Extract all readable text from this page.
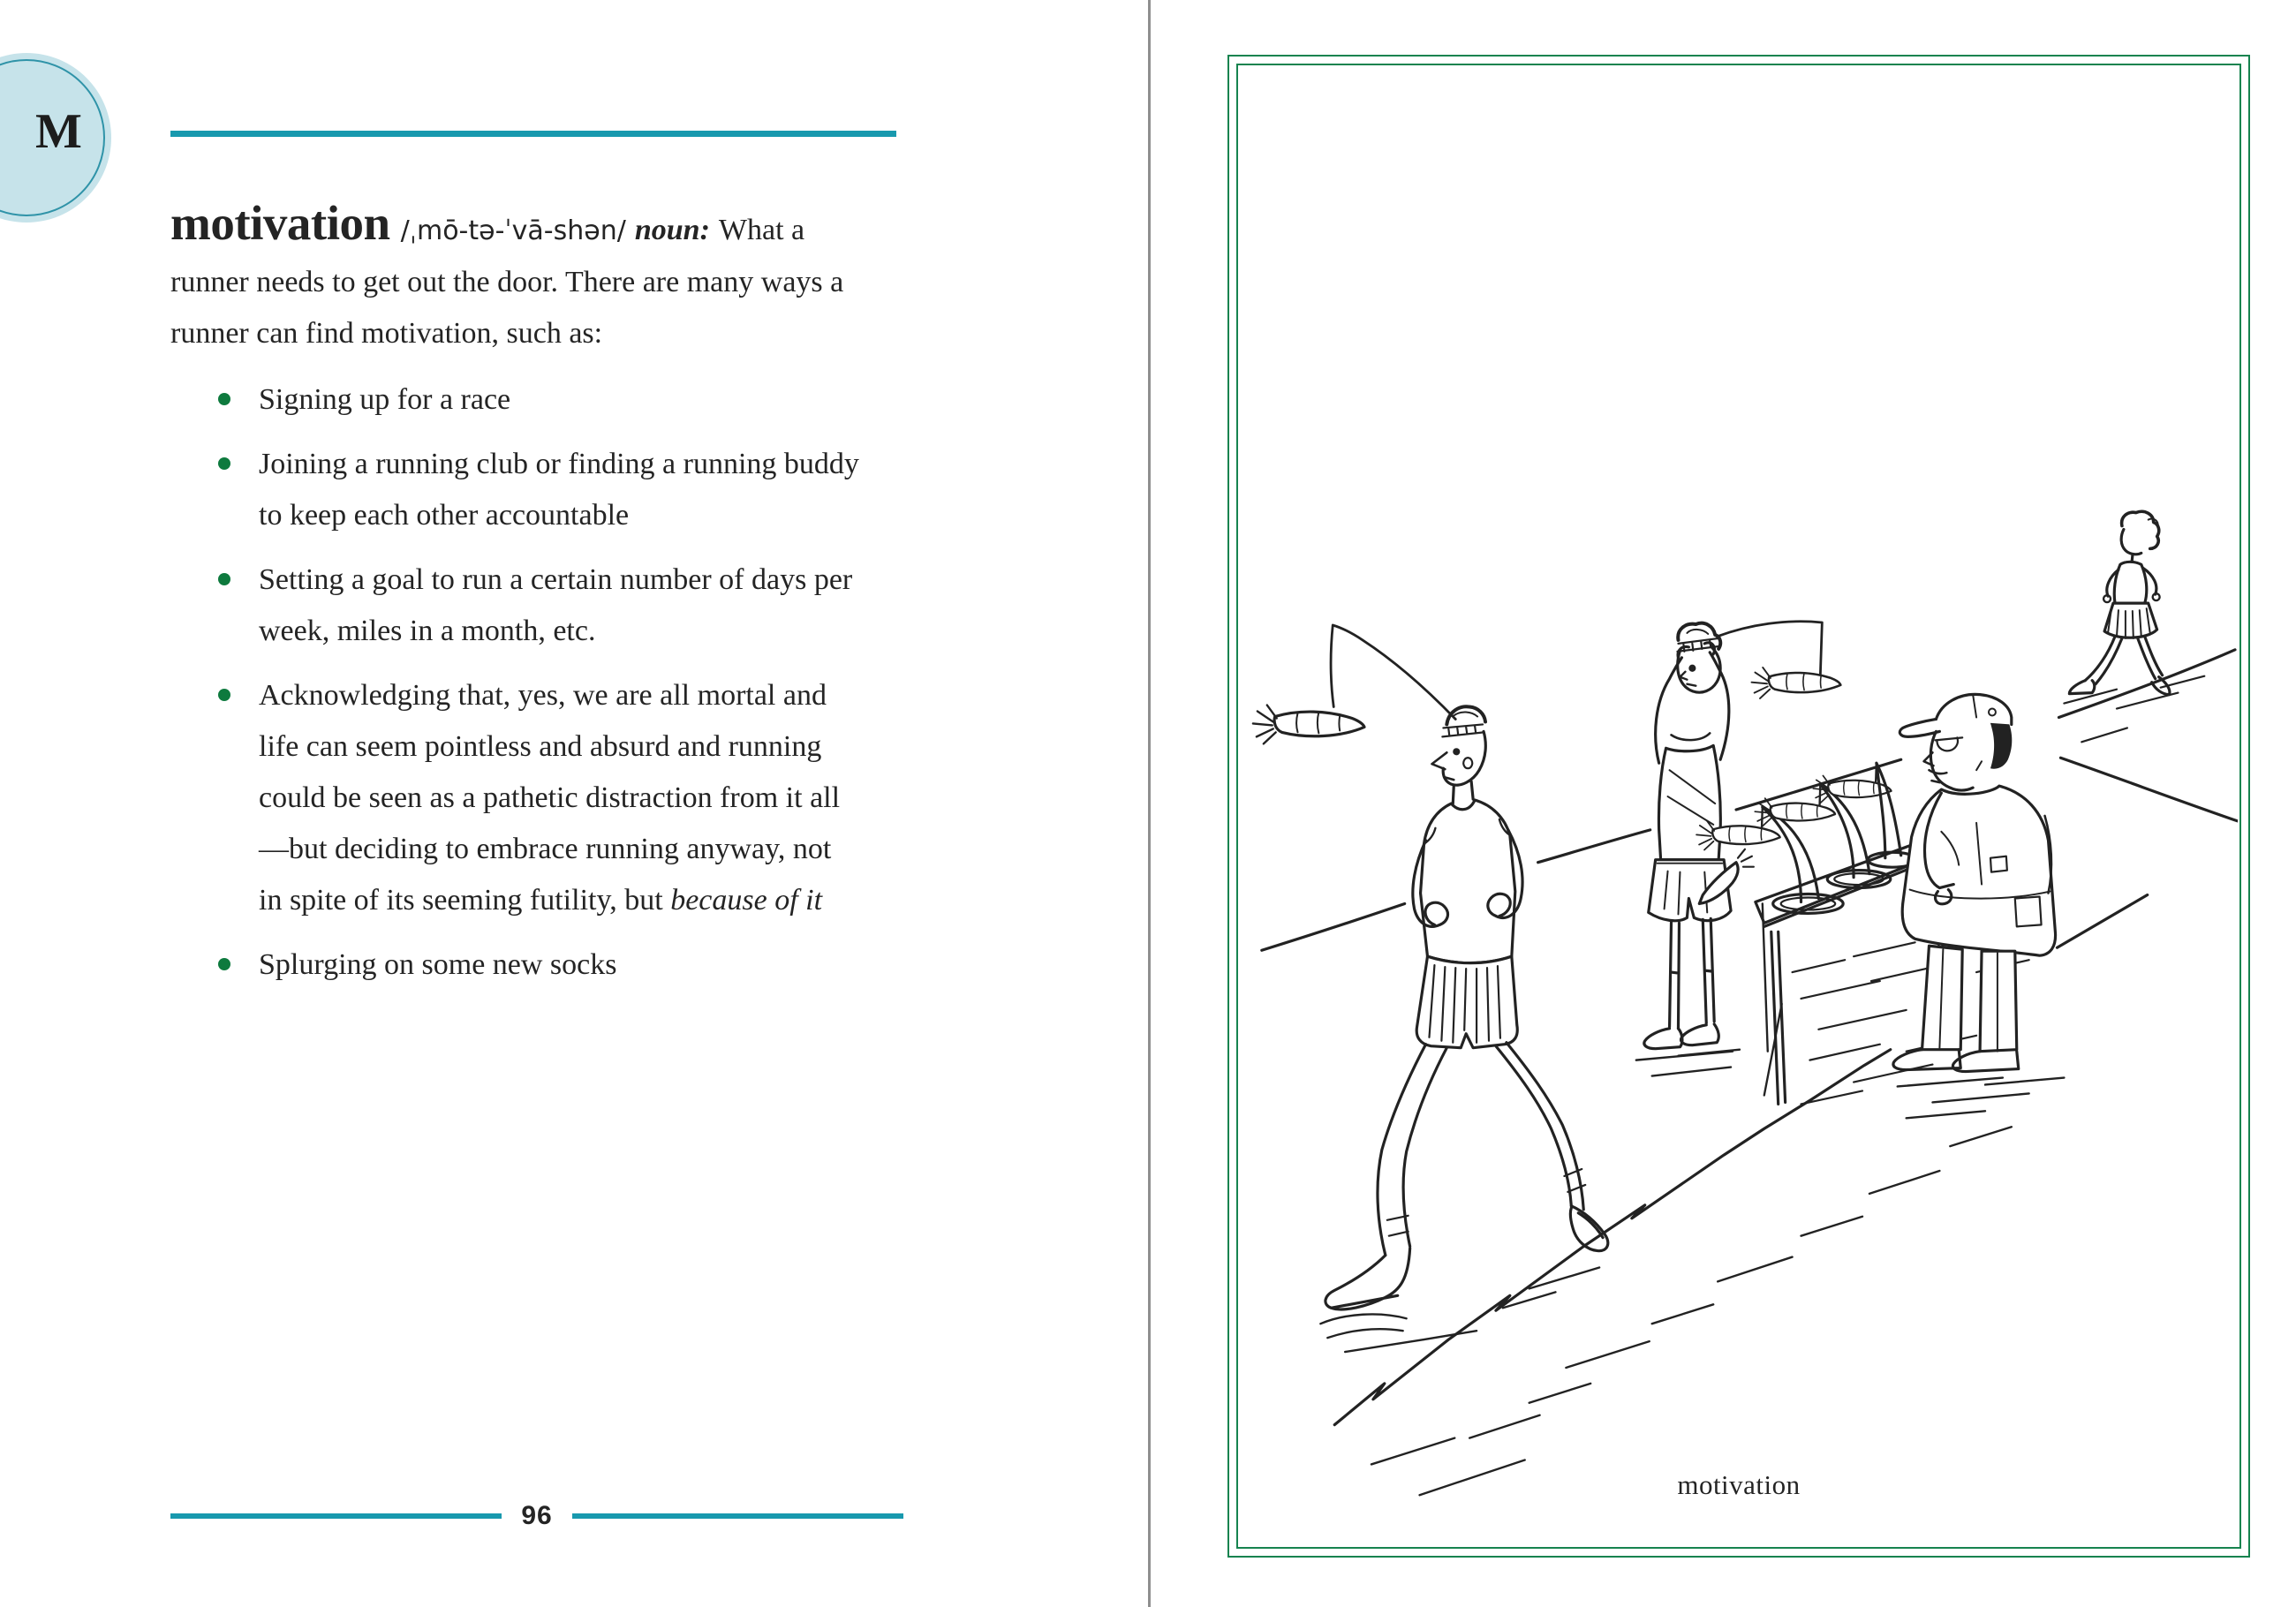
M

motivation /ˌmō-tə-ˈvā-shən/ noun: What a runner needs to get out the door. There are many ways a runner can find motivation, such as:

Signing up for a race
Joining a running club or finding a running buddy to keep each other accountable
Setting a goal to run a certain number of days per week, miles in a month, etc.
Acknowledging that, yes, we are all mortal and life can seem pointless and absurd and running could be seen as a pathetic distraction from it all—but deciding to embrace running anyway, not in spite of its seeming futility, but because of it
Splurging on some new socks
96
motivation
